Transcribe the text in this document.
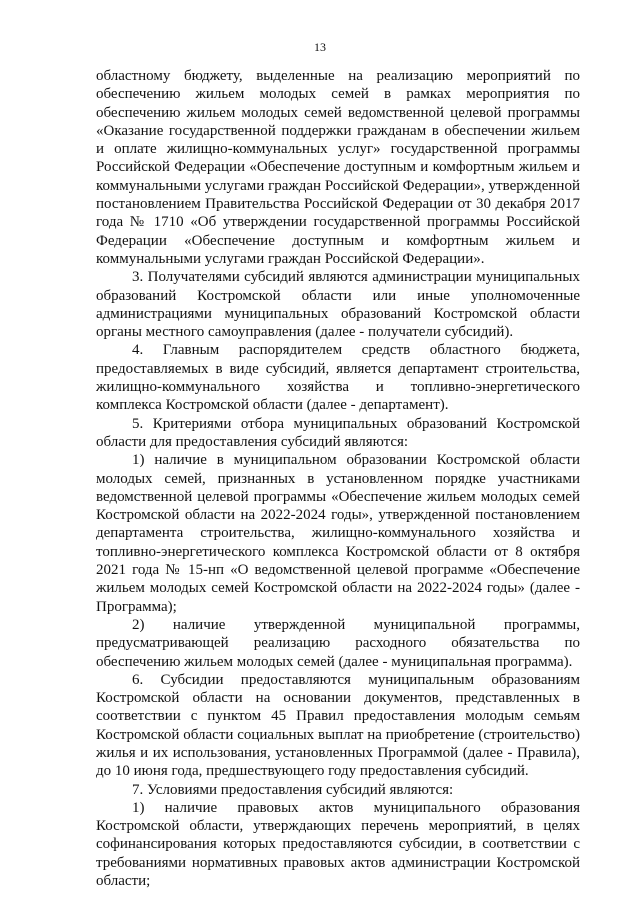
13

областному бюджету, выделенные на реализацию мероприятий по обеспечению жильем молодых семей в рамках мероприятия по обеспечению жильем молодых семей ведомственной целевой программы «Оказание государственной поддержки гражданам в обеспечении жильем и оплате жилищно-коммунальных услуг» государственной программы Российской Федерации «Обеспечение доступным и комфортным жильем и коммунальными услугами граждан Российской Федерации», утвержденной постановлением Правительства Российской Федерации от 30 декабря 2017 года № 1710 «Об утверждении государственной программы Российской Федерации «Обеспечение доступным и комфортным жильем и коммунальными услугами граждан Российской Федерации».

3. Получателями субсидий являются администрации муниципальных образований Костромской области или иные уполномоченные администрациями муниципальных образований Костромской области органы местного самоуправления (далее - получатели субсидий).

4. Главным распорядителем средств областного бюджета, предоставляемых в виде субсидий, является департамент строительства, жилищно-коммунального хозяйства и топливно-энергетического комплекса Костромской области (далее - департамент).

5. Критериями отбора муниципальных образований Костромской области для предоставления субсидий являются:

1) наличие в муниципальном образовании Костромской области молодых семей, признанных в установленном порядке участниками ведомственной целевой программы «Обеспечение жильем молодых семей Костромской области на 2022-2024 годы», утвержденной постановлением департамента строительства, жилищно-коммунального хозяйства и топливно-энергетического комплекса Костромской области от 8 октября 2021 года № 15-нп «О ведомственной целевой программе «Обеспечение жильем молодых семей Костромской области на 2022-2024 годы» (далее - Программа);

2) наличие утвержденной муниципальной программы, предусматривающей реализацию расходного обязательства по обеспечению жильем молодых семей (далее - муниципальная программа).

6. Субсидии предоставляются муниципальным образованиям Костромской области на основании документов, представленных в соответствии с пунктом 45 Правил предоставления молодым семьям Костромской области социальных выплат на приобретение (строительство) жилья и их использования, установленных Программой (далее - Правила), до 10 июня года, предшествующего году предоставления субсидий.

7. Условиями предоставления субсидий являются:

1) наличие правовых актов муниципального образования Костромской области, утверждающих перечень мероприятий, в целях софинансирования которых предоставляются субсидии, в соответствии с требованиями нормативных правовых актов администрации Костромской области;
